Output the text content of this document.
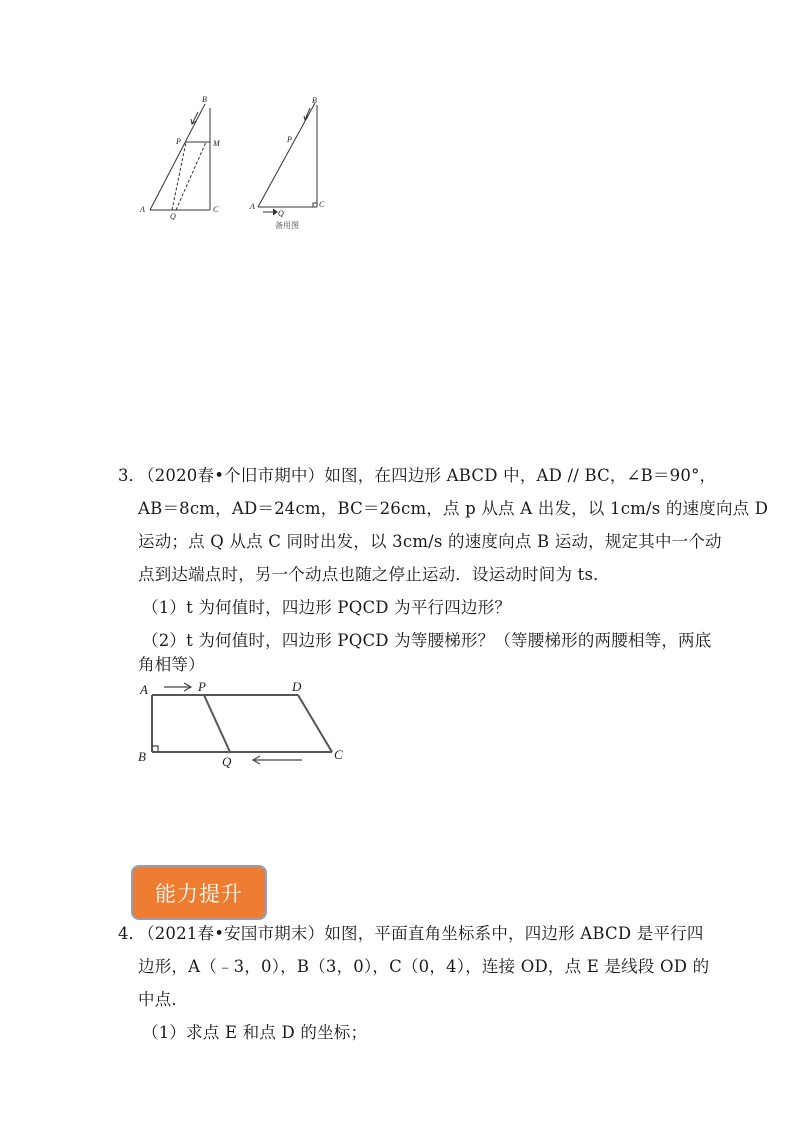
B
P	M
A
Q
C
B
P
A
Q
C
备用图
3．
（2020春•个旧市期中）如图，在四边形 ABCD 中，AD // BC，∠B＝90°，
AB＝8cm，AD＝24cm，BC＝26cm，点 p 从点 A 出发，以 1cm/s 的速度向点 D
运动；点 Q 从点 C 同时出发，以 3cm/s 的速度向点 B 运动，规定其中一个动
点到达端点时，另一个动点也随之停止运动．设运动时间为 ts．
（1）t 为何值时，四边形 PQCD 为平行四边形？
（2）t 为何值时，四边形 PQCD 为等腰梯形？（等腰梯形的两腰相等，两底
角相等）
A	P	D
B	Q	C
能力提升
4．
（2021春•安国市期末）如图，平面直角坐标系中，四边形 ABCD 是平行四
边形，A（﹣3，0），B（3，0），C（0，4），连接 OD，点 E 是线段 OD 的
中点．
（1）求点 E 和点 D 的坐标；
